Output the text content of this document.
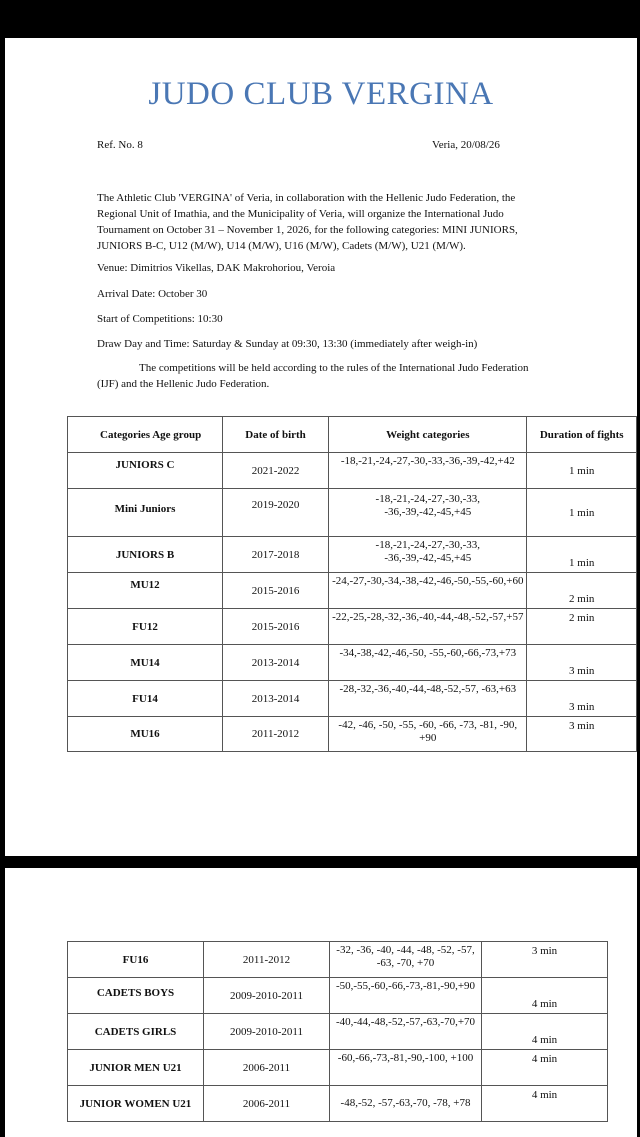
JUDO CLUB VERGINA
Ref. No. 8	Veria, 20/08/26
The Athletic Club 'VERGINA' of Veria, in collaboration with the Hellenic Judo Federation, the Regional Unit of Imathia, and the Municipality of Veria, will organize the International Judo Tournament on October 31 – November 1, 2026, for the following categories: MINI JUNIORS, JUNIORS B-C, U12 (M/W), U14 (M/W), U16 (M/W), Cadets (M/W), U21 (M/W).
Venue: Dimitrios Vikellas, DAK Makrohoriou, Veroia
Arrival Date: October 30
Start of Competitions: 10:30
Draw Day and Time: Saturday & Sunday at 09:30, 13:30 (immediately after weigh-in)
The competitions will be held according to the rules of the International Judo Federation (IJF) and the Hellenic Judo Federation.
Categories Age group	Date of birth	Weight categories	Duration of fights
JUNIORS C	2021-2022	-18,-21,-24,-27,-30,-33,-36,-39,-42,+42	1 min
Mini Juniors	2019-2020	-18,-21,-24,-27,-30,-33, -36,-39,-42,-45,+45	1 min
JUNIORS B	2017-2018	-18,-21,-24,-27,-30,-33, -36,-39,-42,-45,+45	1 min
MU12	2015-2016	-24,-27,-30,-34,-38,-42,-46,-50,-55,-60,+60	2 min
FU12	2015-2016	-22,-25,-28,-32,-36,-40,-44,-48,-52,-57,+57	2 min
MU14	2013-2014	-34,-38,-42,-46,-50, -55,-60,-66,-73,+73	3 min
FU14	2013-2014	-28,-32,-36,-40,-44,-48,-52,-57, -63,+63	3 min
MU16	2011-2012	-42, -46, -50, -55, -60, -66, -73, -81, -90, +90	3 min
FU16	2011-2012	-32, -36, -40, -44, -48, -52, -57, -63, -70, +70	3 min
CADETS BOYS	2009-2010-2011	-50,-55,-60,-66,-73,-81,-90,+90	4 min
CADETS GIRLS	2009-2010-2011	-40,-44,-48,-52,-57,-63,-70,+70	4 min
JUNIOR MEN U21	2006-2011	-60,-66,-73,-81,-90,-100, +100	4 min
JUNIOR WOMEN U21	2006-2011	-48,-52, -57,-63,-70, -78, +78	4 min
